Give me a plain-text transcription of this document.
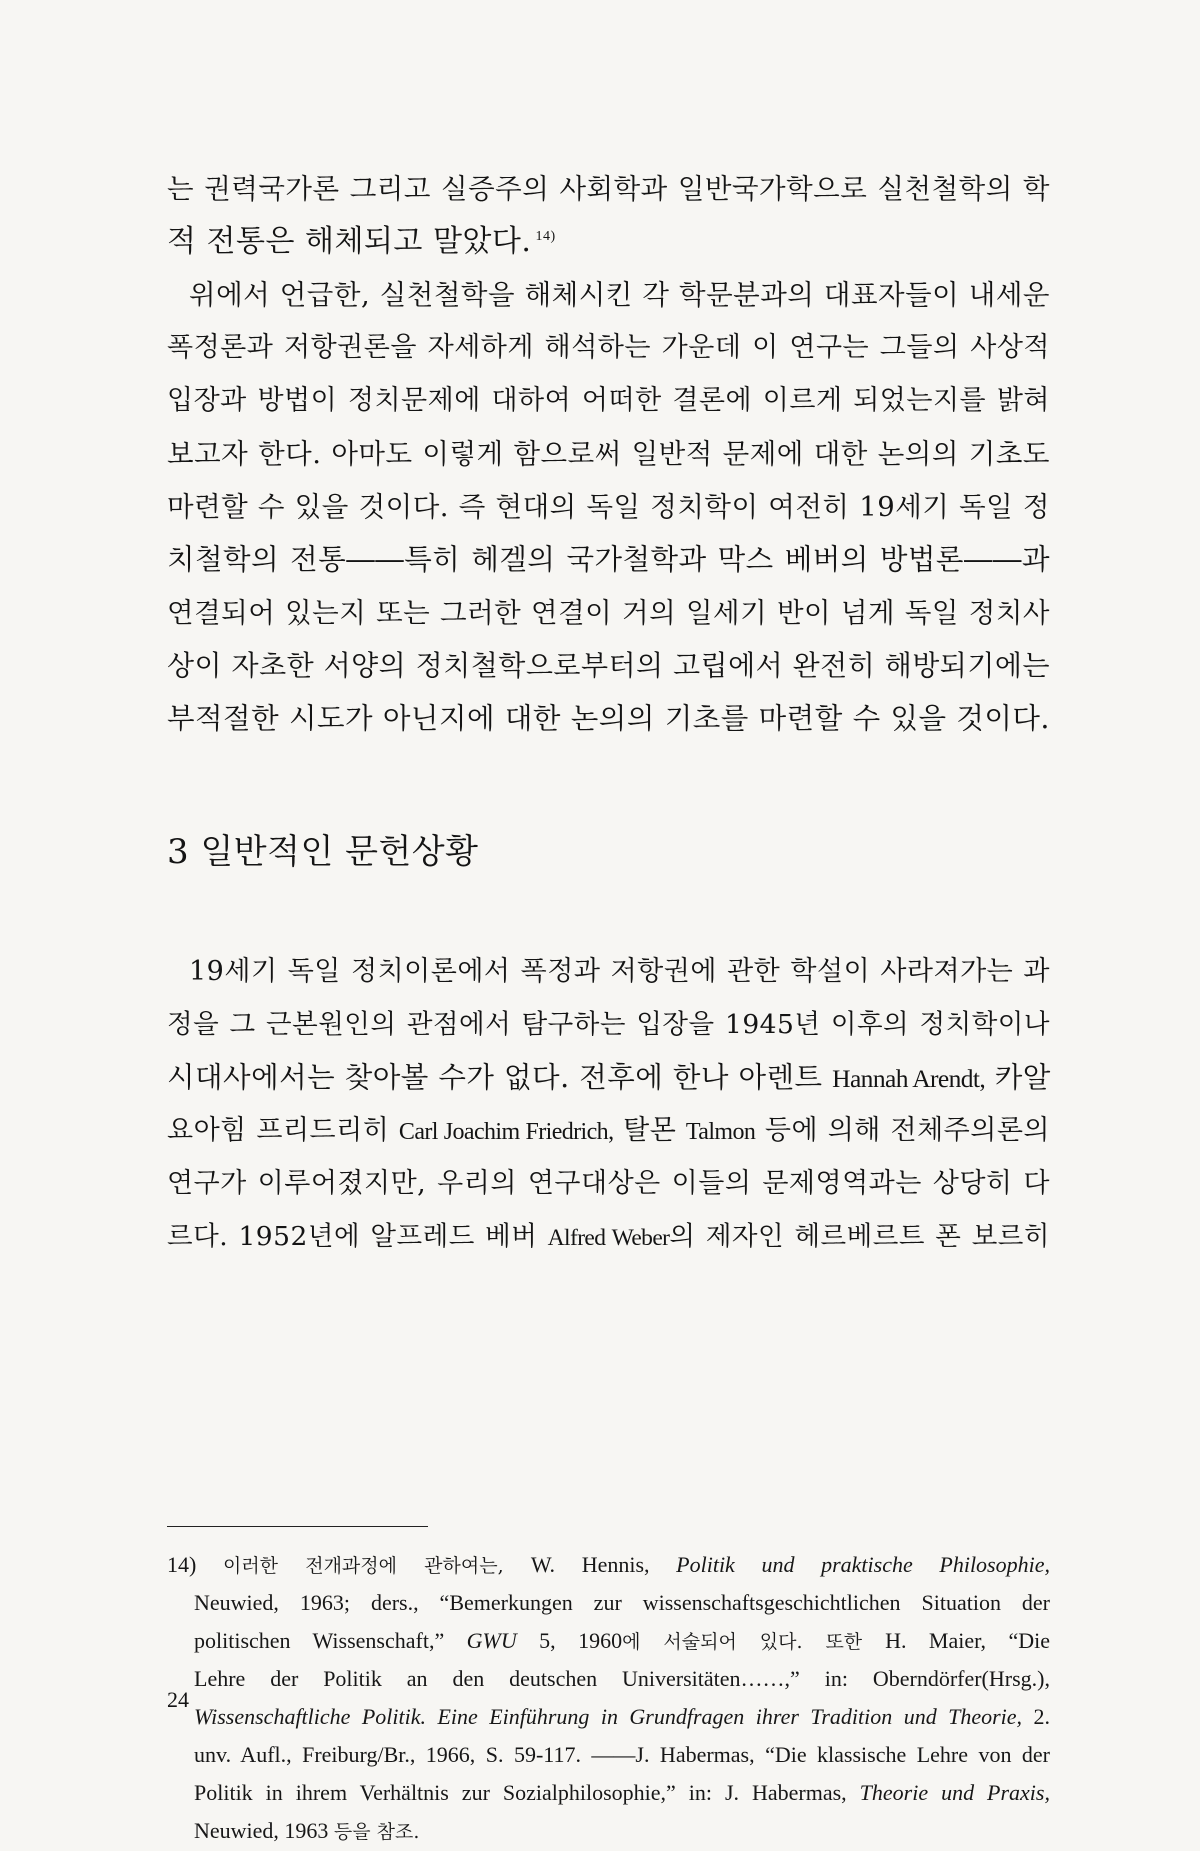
는 권력국가론 그리고 실증주의 사회학과 일반국가학으로 실천철학의 학
적 전통은 해체되고 말았다. $^{14)}$
위에서 언급한, 실천철학을 해체시킨 각 학문분과의 대표자들이 내세운
폭정론과 저항권론을 자세하게 해석하는 가운데 이 연구는 그들의 사상적
입장과 방법이 정치문제에 대하여 어떠한 결론에 이르게 되었는지를 밝혀
보고자 한다. 아마도 이렇게 함으로써 일반적 문제에 대한 논의의 기초도
마련할 수 있을 것이다. 즉 현대의 독일 정치학이 여전히 19세기 독일 정
치철학의 전통――특히 헤겔의 국가철학과 막스 베버의 방법론――과
연결되어 있는지 또는 그러한 연결이 거의 일세기 반이 넘게 독일 정치사
상이 자초한 서양의 정치철학으로부터의 고립에서 완전히 해방되기에는
부적절한 시도가 아닌지에 대한 논의의 기초를 마련할 수 있을 것이다.
3 일반적인 문헌상황
19세기 독일 정치이론에서 폭정과 저항권에 관한 학설이 사라져가는 과
정을 그 근본원인의 관점에서 탐구하는 입장을 1945년 이후의 정치학이나
시대사에서는 찾아볼 수가 없다. 전후에 한나 아렌트 Hannah Arendt, 카알
요아힘 프리드리히 Carl Joachim Friedrich, 탈몬 Talmon 등에 의해 전체주의론의
연구가 이루어졌지만, 우리의 연구대상은 이들의 문제영역과는 상당히 다
르다. 1952년에 알프레드 베버 Alfred Weber의 제자인 헤르베르트 폰 보르히
14) 이러한 전개과정에 관하여는, W. Hennis, Politik und praktische Philosophie,
Neuwied, 1963; ders., “Bemerkungen zur wissenschaftsgeschichtlichen Situation der
politischen Wissenschaft,” GWU 5, 1960에 서술되어 있다. 또한 H. Maier, “Die
Lehre der Politik an den deutschen Universitäten……,” in: Oberndörfer(Hrsg.),
Wissenschaftliche Politik. Eine Einführung in Grundfragen ihrer Tradition und Theorie, 2.
unv. Aufl., Freiburg/Br., 1966, S. 59-117. ――J. Habermas, “Die klassische Lehre von der
Politik in ihrem Verhältnis zur Sozialphilosophie,” in: J. Habermas, Theorie und Praxis,
Neuwied, 1963 등을 참조.
24
